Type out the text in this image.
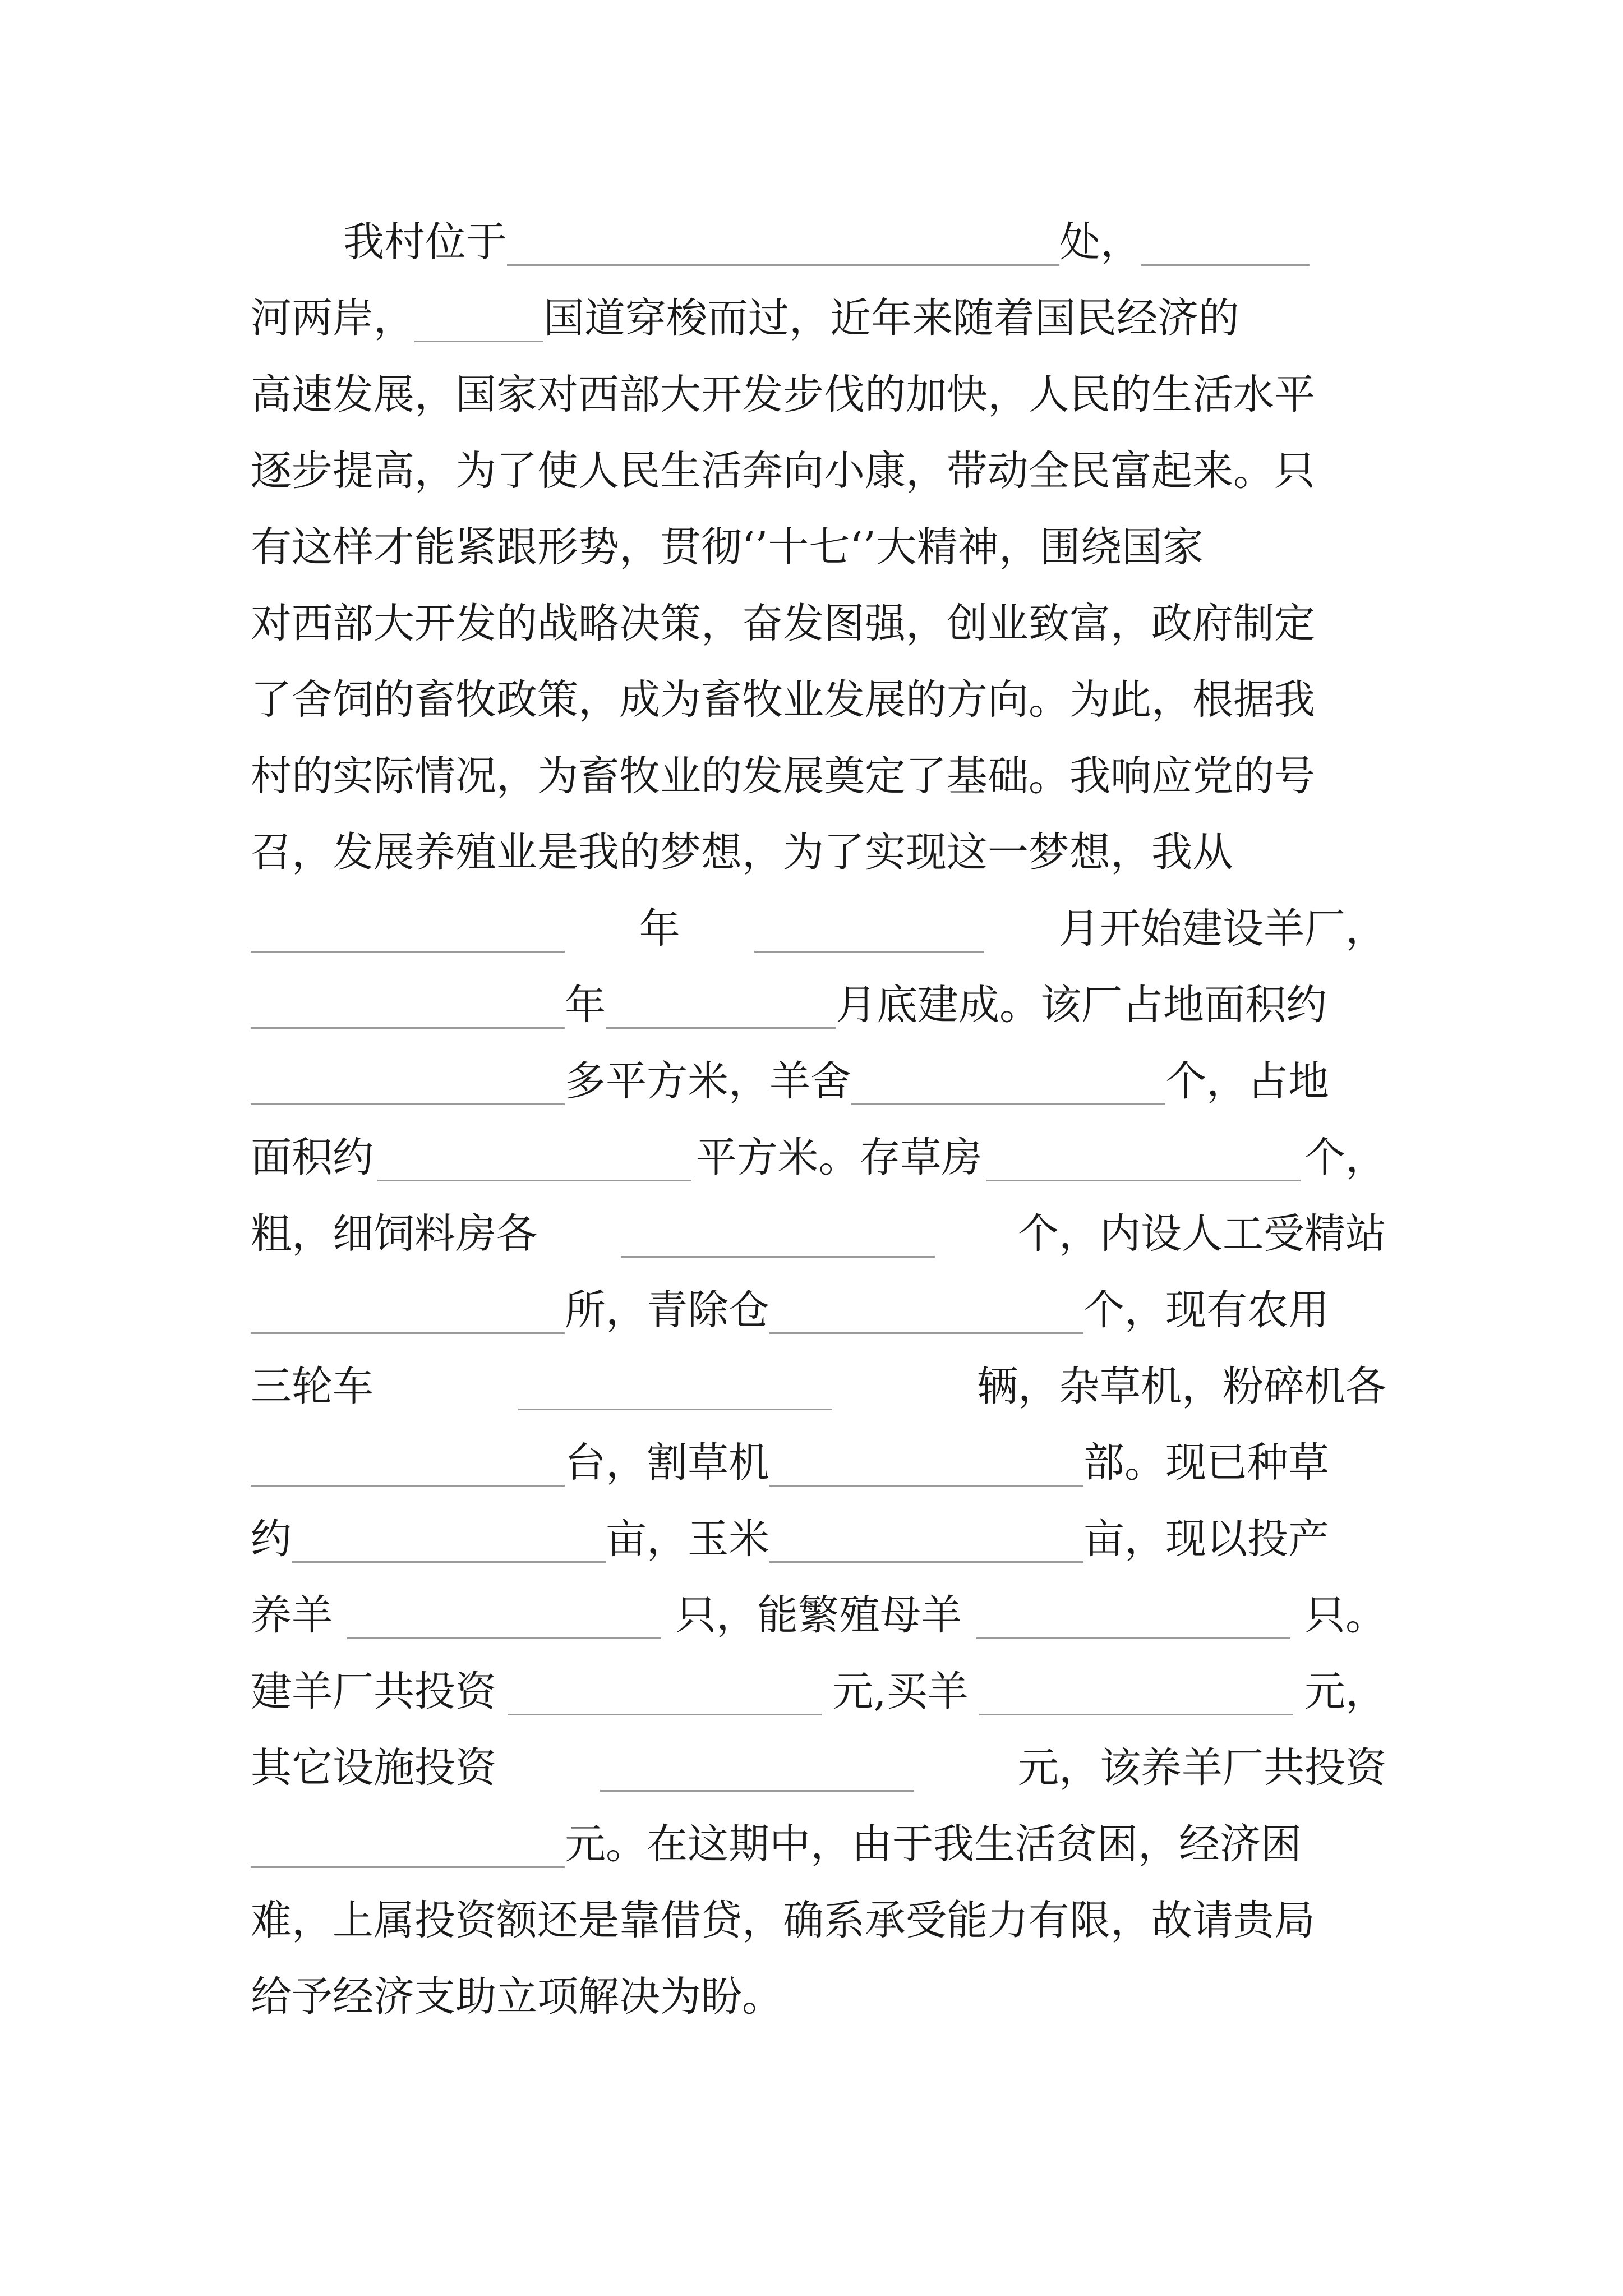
我村位于	处，
河两岸，	国道穿梭而过，近年来随着国民经济的
高速发展，国家对西部大开发步伐的加快，人民的生活水平
逐步提高，为了使人民生活奔向小康，带动全民富起来。只
有这样才能紧跟形势，贯彻‘’十七‘’大精神，围绕国家
对西部大开发的战略决策，奋发图强，创业致富，政府制定
了舍饲的畜牧政策，成为畜牧业发展的方向。为此，根据我
村的实际情况，为畜牧业的发展奠定了基础。我响应党的号
召，发展养殖业是我的梦想，为了实现这一梦想，我从
年	月开始建设羊厂，
年	月底建成。该厂占地面积约
多平方米，羊舍	个，占地
面积约	平方米。存草房	个，
粗，细饲料房各	个，内设人工受精站
所，青除仓	个，现有农用
三轮车	辆，杂草机，粉碎机各
台，割草机	部。现已种草
约	亩，玉米	亩，现以投产
养羊	只，能繁殖母羊	只。
建羊厂共投资	元,买羊	元，
其它设施投资	元，该养羊厂共投资
元。在这期中，由于我生活贫困，经济困
难，上属投资额还是靠借贷，确系承受能力有限，故请贵局
给予经济支助立项解决为盼。
